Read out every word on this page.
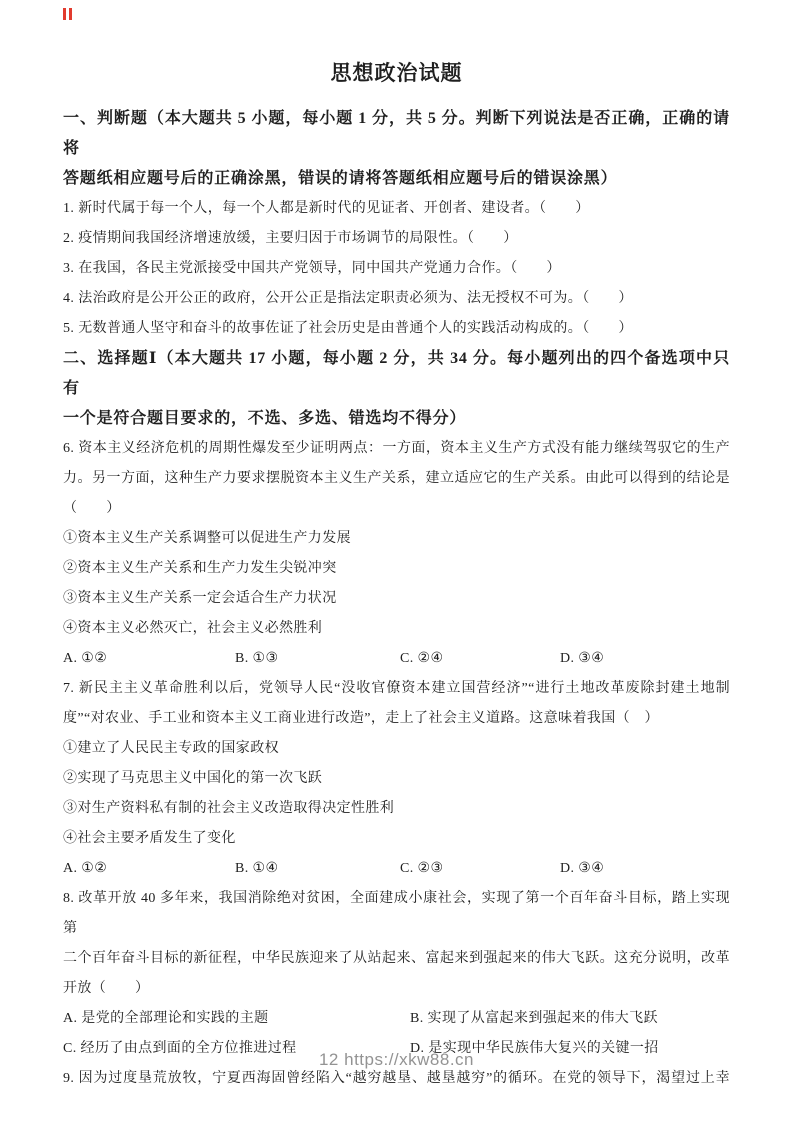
思想政治试题
一、判断题（本大题共 5 小题，每小题 1 分，共 5 分。判断下列说法是否正确，正确的请将
答题纸相应题号后的正确涂黑，错误的请将答题纸相应题号后的错误涂黑）
1. 新时代属于每一个人，每一个人都是新时代的见证者、开创者、建设者。（　　）
2. 疫情期间我国经济增速放缓，主要归因于市场调节的局限性。（　　）
3. 在我国，各民主党派接受中国共产党领导，同中国共产党通力合作。（　　）
4. 法治政府是公开公正的政府，公开公正是指法定职责必须为、法无授权不可为。（　　）
5. 无数普通人坚守和奋斗的故事佐证了社会历史是由普通个人的实践活动构成的。（　　）
二、选择题Ⅰ（本大题共 17 小题，每小题 2 分，共 34 分。每小题列出的四个备选项中只有
一个是符合题目要求的，不选、多选、错选均不得分）
6. 资本主义经济危机的周期性爆发至少证明两点：一方面，资本主义生产方式没有能力继续驾驭它的生产
力。另一方面，这种生产力要求摆脱资本主义生产关系，建立适应它的生产关系。由此可以得到的结论是
（　　）
①资本主义生产关系调整可以促进生产力发展
②资本主义生产关系和生产力发生尖锐冲突
③资本主义生产关系一定会适合生产力状况
④资本主义必然灭亡，社会主义必然胜利
A. ①②	B. ①③	C. ②④	D. ③④
7. 新民主主义革命胜利以后，党领导人民“没收官僚资本建立国营经济”“进行土地改革废除封建土地制
度”“对农业、手工业和资本主义工商业进行改造”，走上了社会主义道路。这意味着我国（　）
①建立了人民民主专政的国家政权
②实现了马克思主义中国化的第一次飞跃
③对生产资料私有制的社会主义改造取得决定性胜利
④社会主要矛盾发生了变化
A. ①②	B. ①④	C. ②③	D. ③④
8. 改革开放 40 多年来，我国消除绝对贫困，全面建成小康社会，实现了第一个百年奋斗目标，踏上实现第
二个百年奋斗目标的新征程，中华民族迎来了从站起来、富起来到强起来的伟大飞跃。这充分说明，改革
开放（　　）
A. 是党的全部理论和实践的主题	B. 实现了从富起来到强起来的伟大飞跃
C. 经历了由点到面的全方位推进过程	D. 是实现中华民族伟大复兴的关键一招
9. 因为过度垦荒放牧，宁夏西海固曾经陷入“越穷越垦、越垦越穷”的循环。在党的领导下，渴望过上幸
12 https://xkw88.cn
